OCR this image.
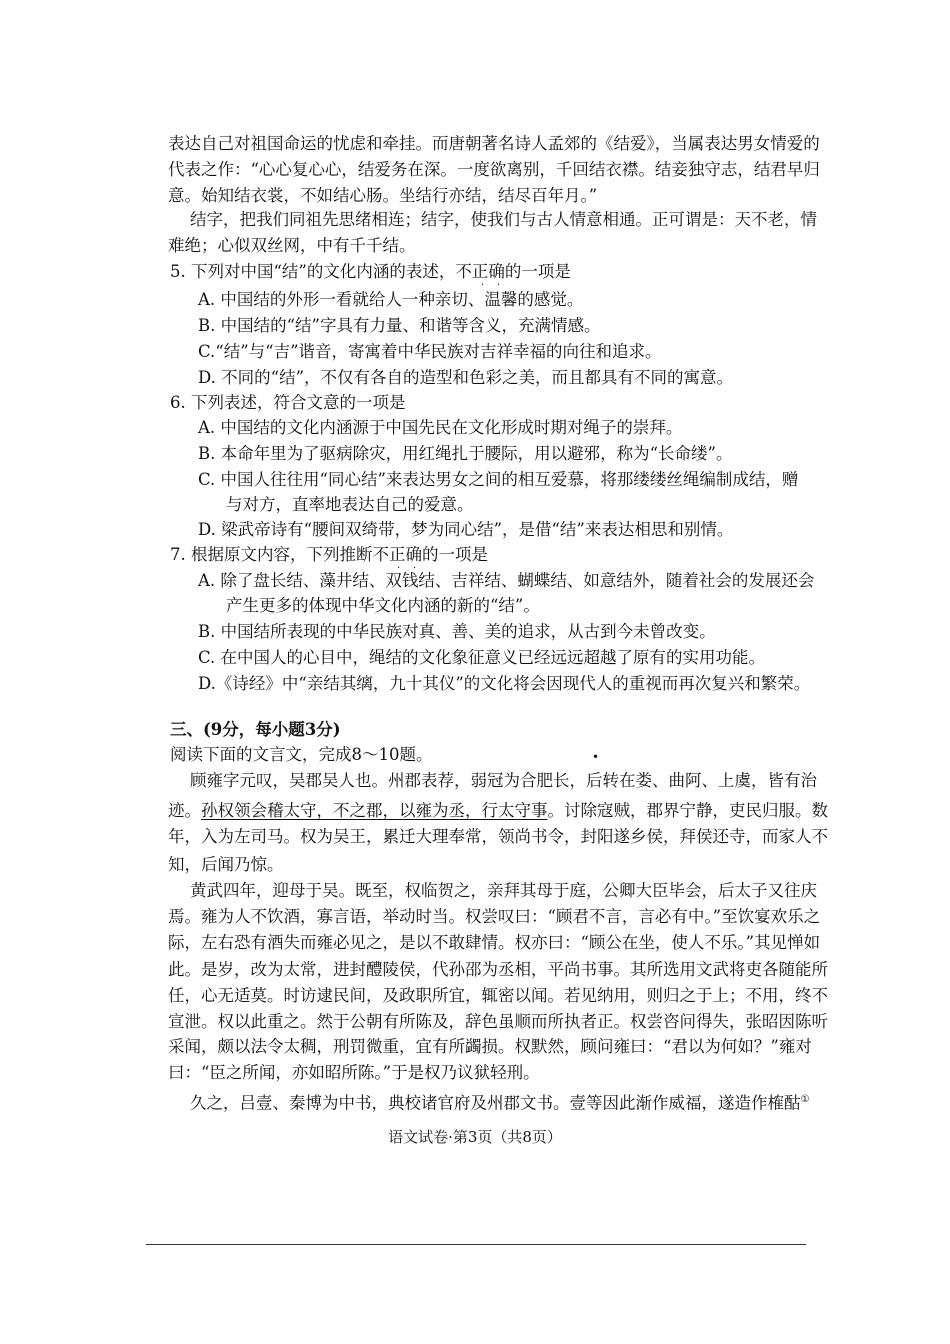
表达自己对祖国命运的忧虑和牵挂。而唐朝著名诗人孟郊的《结爱》，当属表达男女情爱的
代表之作：“心心复心心，结爱务在深。一度欲离别，千回结衣襟。结妾独守志，结君早归
意。始知结衣裳，不如结心肠。坐结行亦结，结尽百年月。”
结字，把我们同祖先思绪相连；结字，使我们与古人情意相通。正可谓是：天不老，情
难绝；心似双丝网，中有千千结。
5. 下列对中国“结”的文化内涵的表述，不正确的一项是
· ·
A. 中国结的外形一看就给人一种亲切、温馨的感觉。
B. 中国结的“结”字具有力量、和谐等含义，充满情感。
C.“结”与“吉”谐音，寄寓着中华民族对吉祥幸福的向往和追求。
D. 不同的“结”，不仅有各自的造型和色彩之美，而且都具有不同的寓意。
6. 下列表述，符合文意的一项是
A. 中国结的文化内涵源于中国先民在文化形成时期对绳子的崇拜。
B. 本命年里为了驱病除灾，用红绳扎于腰际，用以避邪，称为“长命缕”。
C. 中国人往往用“同心结”来表达男女之间的相互爱慕，将那缕缕丝绳编制成结，赠
与对方，直率地表达自己的爱意。
D. 梁武帝诗有“腰间双绮带，梦为同心结”，是借“结”来表达相思和别情。
7. 根据原文内容，下列推断不正确的一项是
· ·
A. 除了盘长结、藻井结、双钱结、吉祥结、蝴蝶结、如意结外，随着社会的发展还会
产生更多的体现中华文化内涵的新的“结”。
B. 中国结所表现的中华民族对真、善、美的追求，从古到今未曾改变。
C. 在中国人的心目中，绳结的文化象征意义已经远远超越了原有的实用功能。
D.《诗经》中“亲结其缡，九十其仪”的文化将会因现代人的重视而再次复兴和繁荣。
三、(9分，每小题3分)
阅读下面的文言文，完成8～10题。	•
顾雍字元叹，吴郡吴人也。州郡表荐，弱冠为合肥长，后转在娄、曲阿、上虞，皆有治
迹。孙权领会稽太守，不之郡，以雍为丞，行太守事。讨除寇贼，郡界宁静，吏民归服。数
年，入为左司马。权为吴王，累迁大理奉常，领尚书令，封阳遂乡侯，拜侯还寺，而家人不
知，后闻乃惊。
黄武四年，迎母于吴。既至，权临贺之，亲拜其母于庭，公卿大臣毕会，后太子又往庆
焉。雍为人不饮酒，寡言语，举动时当。权尝叹曰：“顾君不言，言必有中。”至饮宴欢乐之
际，左右恐有酒失而雍必见之，是以不敢肆情。权亦曰：“顾公在坐，使人不乐。”其见惮如
此。是岁，改为太常，进封醴陵侯，代孙邵为丞相，平尚书事。其所选用文武将吏各随能所
任，心无适莫。时访逮民间，及政职所宜，辄密以闻。若见纳用，则归之于上；不用，终不
宣泄。权以此重之。然于公朝有所陈及，辞色虽顺而所执者正。权尝咨问得失，张昭因陈听
采闻，颇以法令太稠，刑罚微重，宜有所蠲损。权默然，顾问雍曰：“君以为何如？”雍对
曰：“臣之所闻，亦如昭所陈。”于是权乃议狱轻刑。
久之，吕壹、秦博为中书，典校诸官府及州郡文书。壹等因此渐作威福，遂造作榷酤①
语文试卷·第3页（共8页）
